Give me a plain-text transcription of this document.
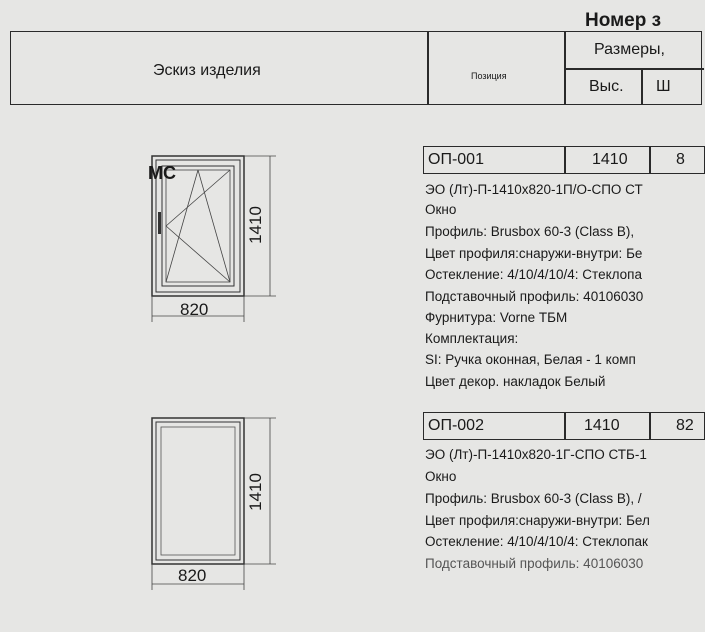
Номер з
Эскиз изделия	Позиция
Размеры,
Выс. Ш
МС
820
1410
ОП-001	1410	8
ЭО (Лт)-П-1410х820-1П/О-СПО СТ
Окно
Профиль: Brusbox 60-3 (Class B),
Цвет профиля:снаружи-внутри: Бе
Остекление: 4/10/4/10/4: Стеклопа
Подставочный профиль: 40106030
Фурнитура: Vorne ТБМ
Комплектация:
SI: Ручка оконная, Белая - 1 комп
Цвет декор. накладок Белый
820
1410
ОП-002	1410	82
ЭО (Лт)-П-1410х820-1Г-СПО СТБ-1
Окно
Профиль: Brusbox 60-3 (Class B), /
Цвет профиля:снаружи-внутри: Бел
Остекление: 4/10/4/10/4: Стеклопак
Подставочный профиль: 40106030
